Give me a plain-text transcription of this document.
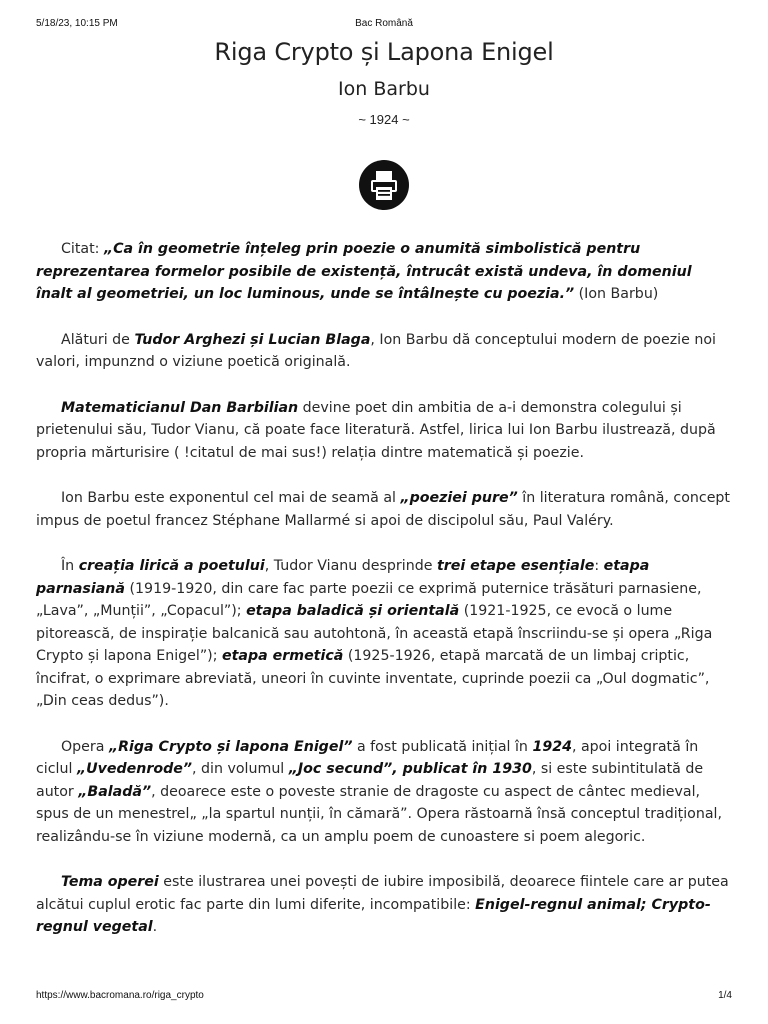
5/18/23, 10:15 PM	Bac Română
Riga Crypto și Lapona Enigel
Ion Barbu
~ 1924 ~

Citat: „Ca în geometrie înțeleg prin poezie o anumită simbolistică pentru reprezentarea formelor posibile de existență, întrucât există undeva, în domeniul înalt al geometriei, un loc luminous, unde se întâlnește cu poezia.” (Ion Barbu)

Alături de Tudor Arghezi și Lucian Blaga, Ion Barbu dă conceptului modern de poezie noi valori, impunznd o viziune poetică originală.

Matematicianul Dan Barbilian devine poet din ambitia de a-i demonstra colegului și prietenului său, Tudor Vianu, că poate face literatură. Astfel, lirica lui Ion Barbu ilustrează, după propria mărturisire ( !citatul de mai sus!) relația dintre matematică și poezie.

Ion Barbu este exponentul cel mai de seamă al „poeziei pure” în literatura română, concept impus de poetul francez Stéphane Mallarmé si apoi de discipolul său, Paul Valéry.

În creația lirică a poetului, Tudor Vianu desprinde trei etape esențiale: etapa parnasiană (1919-1920, din care fac parte poezii ce exprimă puternice trăsături parnasiene, „Lava”, „Munții”, „Copacul”); etapa baladică și orientală (1921-1925, ce evocă o lume pitorească, de inspirație balcanică sau autohtonă, în această etapă înscriindu-se și opera „Riga Crypto și lapona Enigel”); etapa ermetică (1925-1926, etapă marcată de un limbaj criptic, încifrat, o exprimare abreviată, uneori în cuvinte inventate, cuprinde poezii ca „Oul dogmatic”, „Din ceas dedus”).

Opera „Riga Crypto și lapona Enigel” a fost publicată inițial în 1924, apoi integrată în ciclul „Uvedenrode”, din volumul „Joc secund”, publicat în 1930, si este subintitulată de autor „Baladă”, deoarece este o poveste stranie de dragoste cu aspect de cântec medieval, spus de un menestrel„ „la spartul nunții, în cămară”. Opera răstoarnă însă conceptul tradițional, realizându-se în viziune modernă, ca un amplu poem de cunoastere si poem alegoric.

Tema operei este ilustrarea unei povești de iubire imposibilă, deoarece fiintele care ar putea alcătui cuplul erotic fac parte din lumi diferite, incompatibile: Enigel-regnul animal; Crypto-regnul vegetal.

https://www.bacromana.ro/riga_crypto	1/4
